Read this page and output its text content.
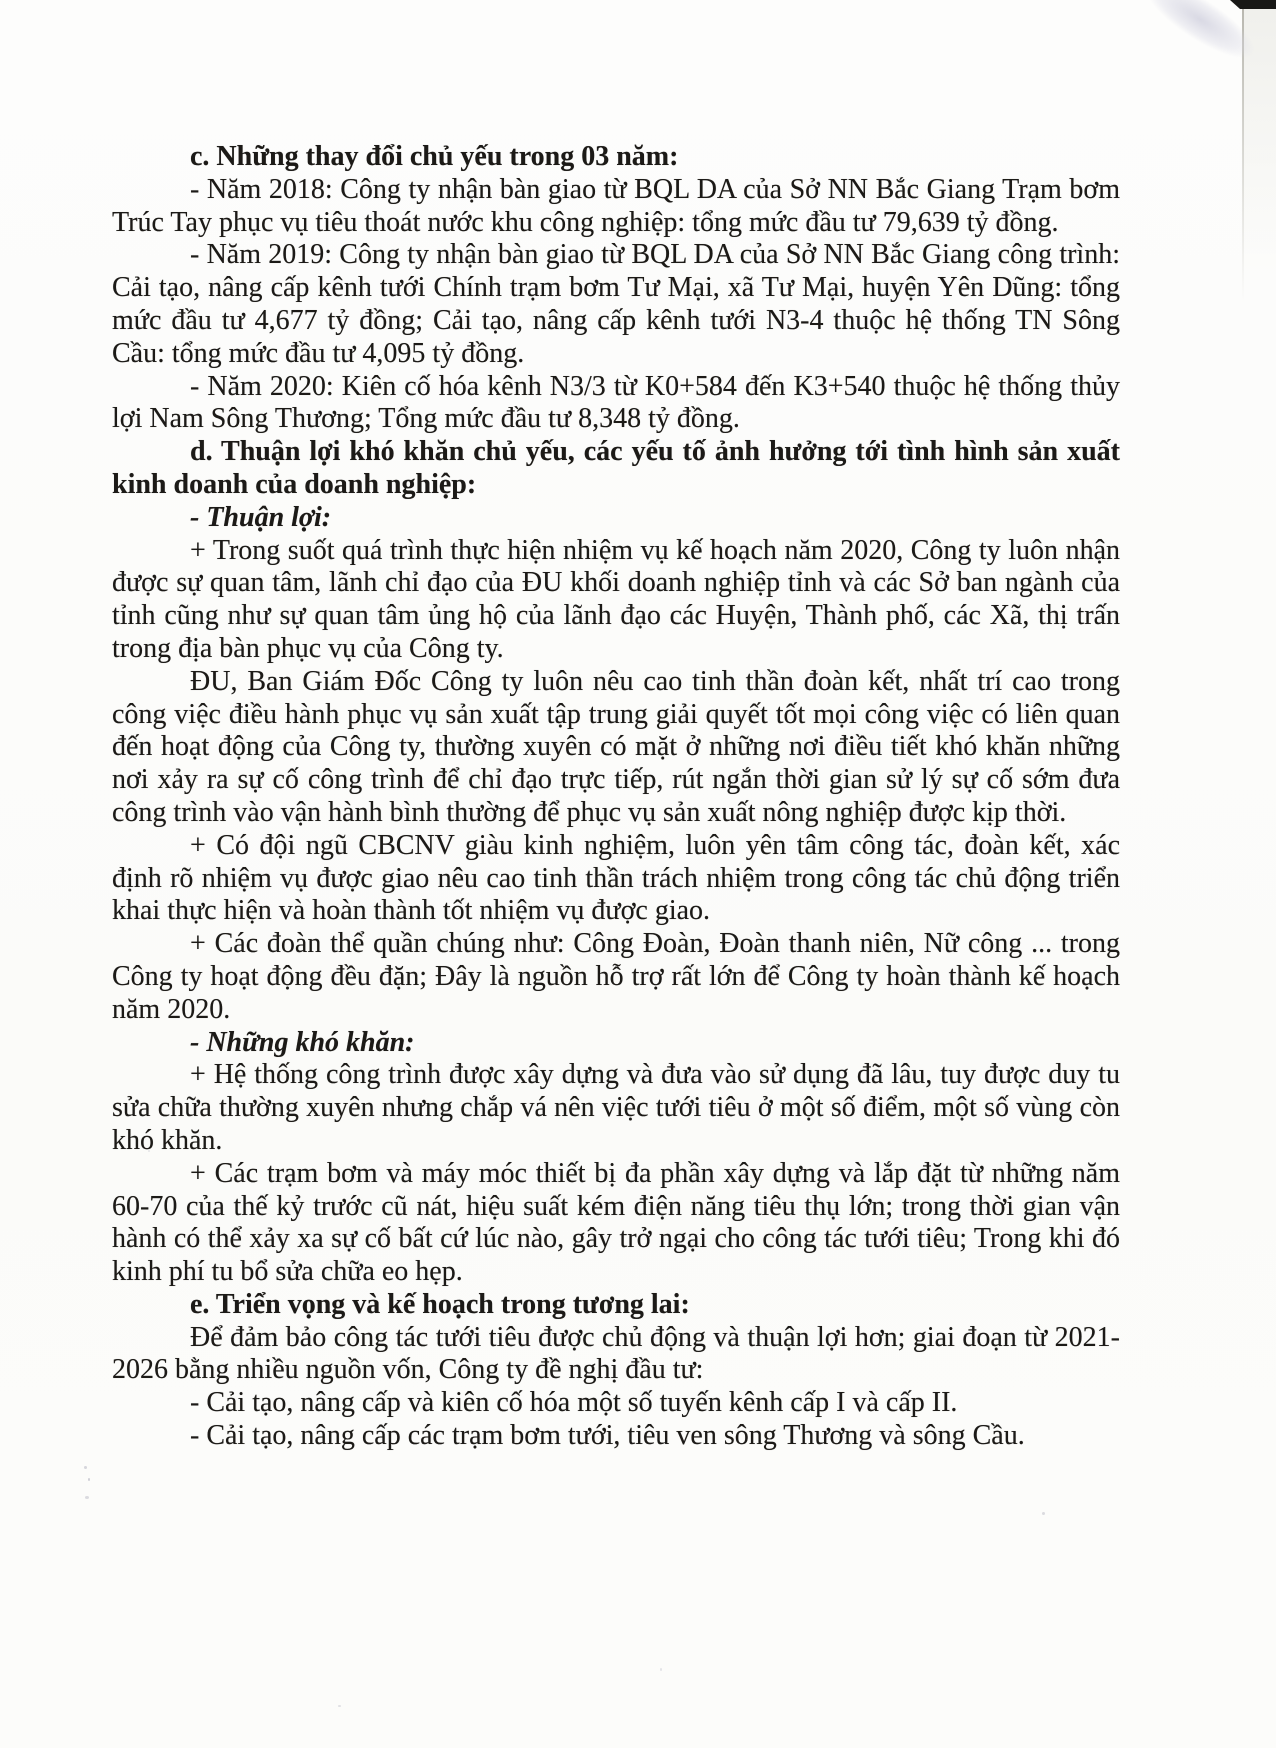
c. Những thay đổi chủ yếu trong 03 năm:

- Năm 2018: Công ty nhận bàn giao từ BQL DA của Sở NN Bắc Giang Trạm bơm Trúc Tay phục vụ tiêu thoát nước khu công nghiệp: tổng mức đầu tư 79,639 tỷ đồng.

- Năm 2019: Công ty nhận bàn giao từ BQL DA của Sở NN Bắc Giang công trình: Cải tạo, nâng cấp kênh tưới Chính trạm bơm Tư Mại, xã Tư Mại, huyện Yên Dũng: tổng mức đầu tư 4,677 tỷ đồng; Cải tạo, nâng cấp kênh tưới N3-4 thuộc hệ thống TN Sông Cầu: tổng mức đầu tư 4,095 tỷ đồng.

- Năm 2020: Kiên cố hóa kênh N3/3 từ K0+584 đến K3+540 thuộc hệ thống thủy lợi Nam Sông Thương; Tổng mức đầu tư 8,348 tỷ đồng.

d. Thuận lợi khó khăn chủ yếu, các yếu tố ảnh hưởng tới tình hình sản xuất kinh doanh của doanh nghiệp:

- Thuận lợi:

+ Trong suốt quá trình thực hiện nhiệm vụ kế hoạch năm 2020, Công ty luôn nhận được sự quan tâm, lãnh chỉ đạo của ĐU khối doanh nghiệp tỉnh và các Sở ban ngành của tỉnh cũng như sự quan tâm ủng hộ của lãnh đạo các Huyện, Thành phố, các Xã, thị trấn trong địa bàn phục vụ của Công ty.

ĐU, Ban Giám Đốc Công ty luôn nêu cao tinh thần đoàn kết, nhất trí cao trong công việc điều hành phục vụ sản xuất tập trung giải quyết tốt mọi công việc có liên quan đến hoạt động của Công ty, thường xuyên có mặt ở những nơi điều tiết khó khăn những nơi xảy ra sự cố công trình để chỉ đạo trực tiếp, rút ngắn thời gian sử lý sự cố sớm đưa công trình vào vận hành bình thường để phục vụ sản xuất nông nghiệp được kịp thời.

+ Có đội ngũ CBCNV giàu kinh nghiệm, luôn yên tâm công tác, đoàn kết, xác định rõ nhiệm vụ được giao nêu cao tinh thần trách nhiệm trong công tác chủ động triển khai thực hiện và hoàn thành tốt nhiệm vụ được giao.

+ Các đoàn thể quần chúng như: Công Đoàn, Đoàn thanh niên, Nữ công ... trong Công ty hoạt động đều đặn; Đây là nguồn hỗ trợ rất lớn để Công ty hoàn thành kế hoạch năm 2020.

- Những khó khăn:

+ Hệ thống công trình được xây dựng và đưa vào sử dụng đã lâu, tuy được duy tu sửa chữa thường xuyên nhưng chắp vá nên việc tưới tiêu ở một số điểm, một số vùng còn khó khăn.

+ Các trạm bơm và máy móc thiết bị đa phần xây dựng và lắp đặt từ những năm 60-70 của thế kỷ trước cũ nát, hiệu suất kém điện năng tiêu thụ lớn; trong thời gian vận hành có thể xảy xa sự cố bất cứ lúc nào, gây trở ngại cho công tác tưới tiêu; Trong khi đó kinh phí tu bổ sửa chữa eo hẹp.

e. Triển vọng và kế hoạch trong tương lai:

Để đảm bảo công tác tưới tiêu được chủ động và thuận lợi hơn; giai đoạn từ 2021-2026 bằng nhiều nguồn vốn, Công ty đề nghị đầu tư:

- Cải tạo, nâng cấp và kiên cố hóa một số tuyến kênh cấp I và cấp II.

- Cải tạo, nâng cấp các trạm bơm tưới, tiêu ven sông Thương và sông Cầu.
